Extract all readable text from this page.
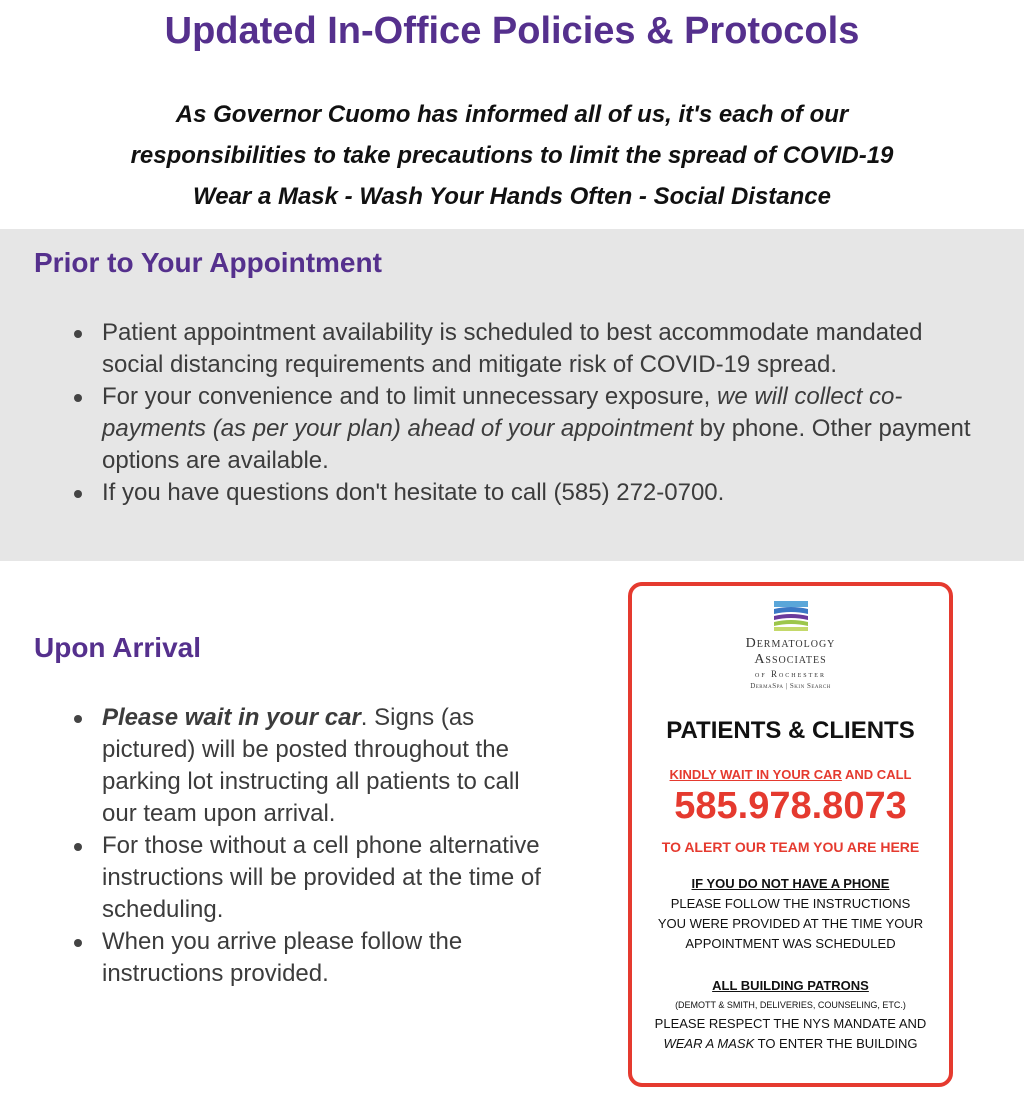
Updated In-Office Policies & Protocols
As Governor Cuomo has informed all of us, it's each of our
responsibilities to take precautions to limit the spread of COVID-19
Wear a Mask - Wash Your Hands Often - Social Distance
Prior to Your Appointment
Patient appointment availability is scheduled to best accommodate mandated social distancing requirements and mitigate risk of COVID-19 spread.
For your convenience and to limit unnecessary exposure, we will collect co-payments (as per your plan) ahead of your appointment by phone. Other payment options are available.
If you have questions don't hesitate to call (585) 272-0700.
Upon Arrival
Please wait in your car. Signs (as pictured) will be posted throughout the parking lot instructing all patients to call our team upon arrival.
For those without a cell phone alternative instructions will be provided at the time of scheduling.
When you arrive please follow the instructions provided.
Dermatology
Associates
of Rochester
DermaSpa | Skin Search
PATIENTS & CLIENTS
KINDLY WAIT IN YOUR CAR AND CALL
585.978.8073
TO ALERT OUR TEAM YOU ARE HERE
IF YOU DO NOT HAVE A PHONE
PLEASE FOLLOW THE INSTRUCTIONS
YOU WERE PROVIDED AT THE TIME YOUR
APPOINTMENT WAS SCHEDULED
ALL BUILDING PATRONS
(DEMOTT & SMITH, DELIVERIES, COUNSELING, ETC.)
PLEASE RESPECT THE NYS MANDATE AND
WEAR A MASK TO ENTER THE BUILDING
